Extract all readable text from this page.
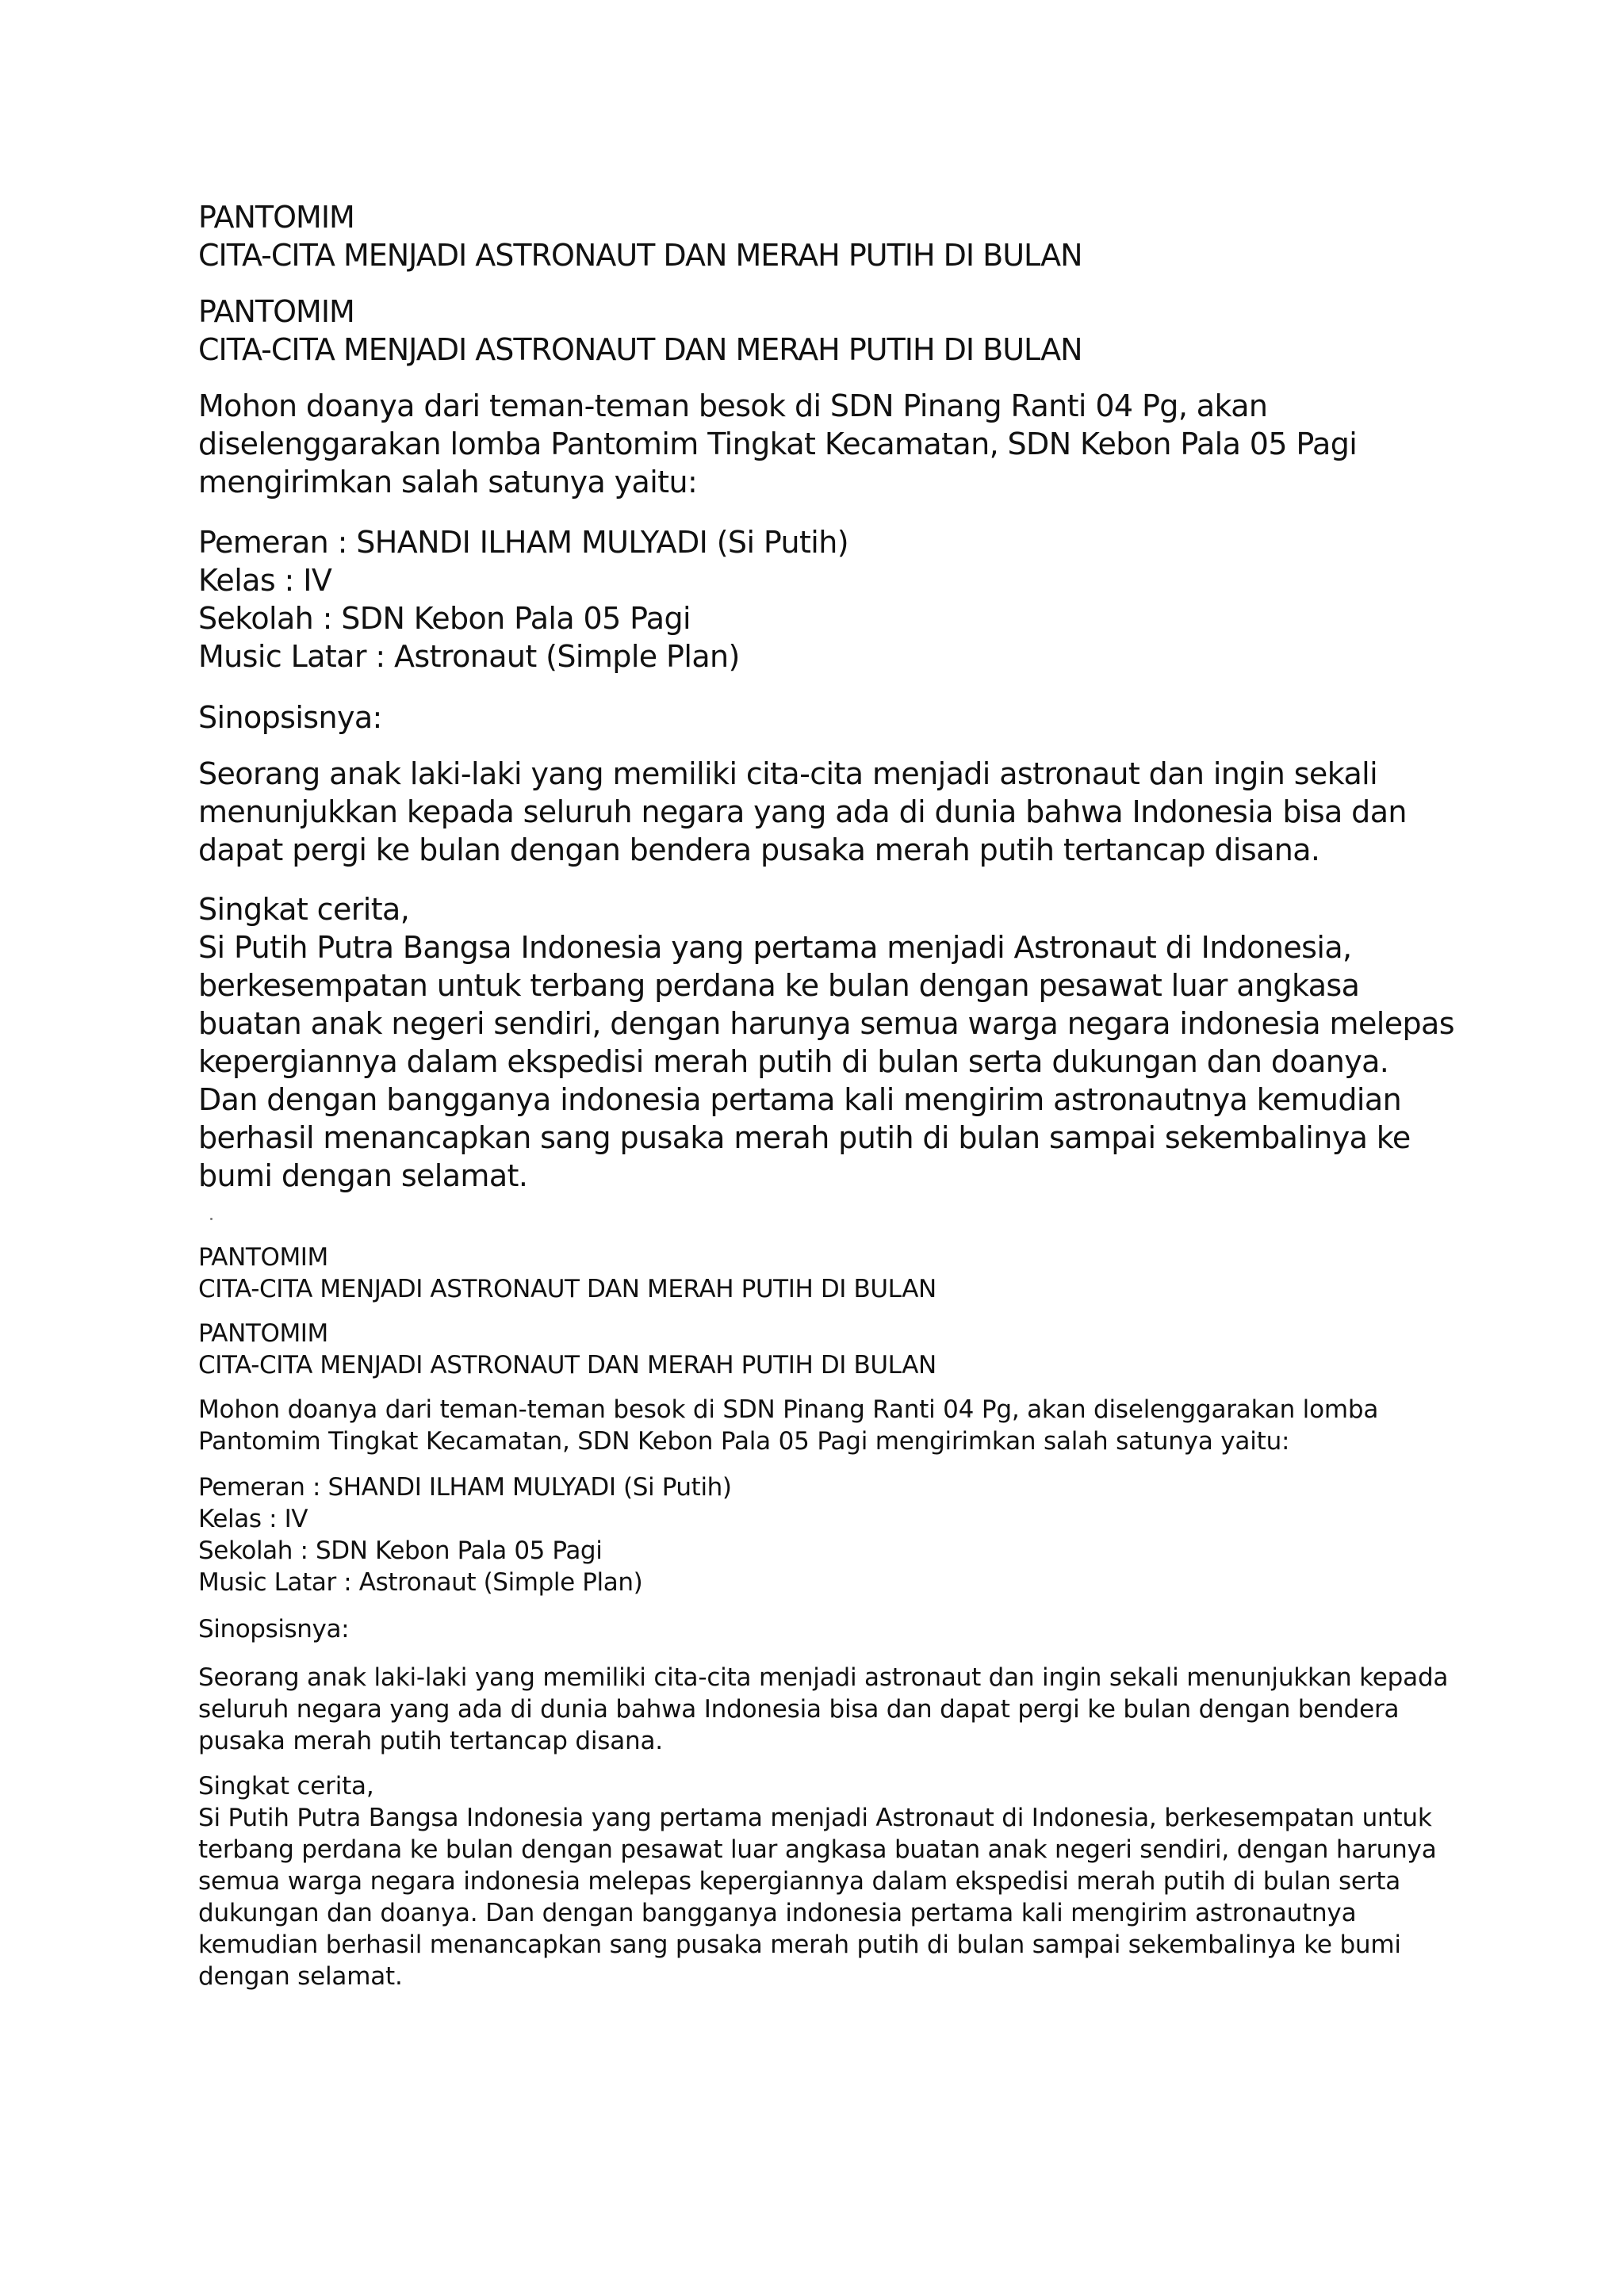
PANTOMIM
CITA-CITA MENJADI ASTRONAUT DAN MERAH PUTIH DI BULAN
PANTOMIM
CITA-CITA MENJADI ASTRONAUT DAN MERAH PUTIH DI BULAN
Mohon doanya dari teman-teman besok di SDN Pinang Ranti 04 Pg, akan
diselenggarakan lomba Pantomim Tingkat Kecamatan, SDN Kebon Pala 05 Pagi
mengirimkan salah satunya yaitu:
Pemeran : SHANDI ILHAM MULYADI (Si Putih)
Kelas : IV
Sekolah : SDN Kebon Pala 05 Pagi
Music Latar : Astronaut (Simple Plan)
Sinopsisnya:
Seorang anak laki-laki yang memiliki cita-cita menjadi astronaut dan ingin sekali
menunjukkan kepada seluruh negara yang ada di dunia bahwa Indonesia bisa dan
dapat pergi ke bulan dengan bendera pusaka merah putih tertancap disana.
Singkat cerita,
Si Putih Putra Bangsa Indonesia yang pertama menjadi Astronaut di Indonesia,
berkesempatan untuk terbang perdana ke bulan dengan pesawat luar angkasa
buatan anak negeri sendiri, dengan harunya semua warga negara indonesia melepas
kepergiannya dalam ekspedisi merah putih di bulan serta dukungan dan doanya.
Dan dengan bangganya indonesia pertama kali mengirim astronautnya kemudian
berhasil menancapkan sang pusaka merah putih di bulan sampai sekembalinya ke
bumi dengan selamat.
PANTOMIM
CITA-CITA MENJADI ASTRONAUT DAN MERAH PUTIH DI BULAN
PANTOMIM
CITA-CITA MENJADI ASTRONAUT DAN MERAH PUTIH DI BULAN
Mohon doanya dari teman-teman besok di SDN Pinang Ranti 04 Pg, akan diselenggarakan lomba
Pantomim Tingkat Kecamatan, SDN Kebon Pala 05 Pagi mengirimkan salah satunya yaitu:
Pemeran : SHANDI ILHAM MULYADI (Si Putih)
Kelas : IV
Sekolah : SDN Kebon Pala 05 Pagi
Music Latar : Astronaut (Simple Plan)
Sinopsisnya:
Seorang anak laki-laki yang memiliki cita-cita menjadi astronaut dan ingin sekali menunjukkan kepada
seluruh negara yang ada di dunia bahwa Indonesia bisa dan dapat pergi ke bulan dengan bendera
pusaka merah putih tertancap disana.
Singkat cerita,
Si Putih Putra Bangsa Indonesia yang pertama menjadi Astronaut di Indonesia, berkesempatan untuk
terbang perdana ke bulan dengan pesawat luar angkasa buatan anak negeri sendiri, dengan harunya
semua warga negara indonesia melepas kepergiannya dalam ekspedisi merah putih di bulan serta
dukungan dan doanya. Dan dengan bangganya indonesia pertama kali mengirim astronautnya
kemudian berhasil menancapkan sang pusaka merah putih di bulan sampai sekembalinya ke bumi
dengan selamat.
